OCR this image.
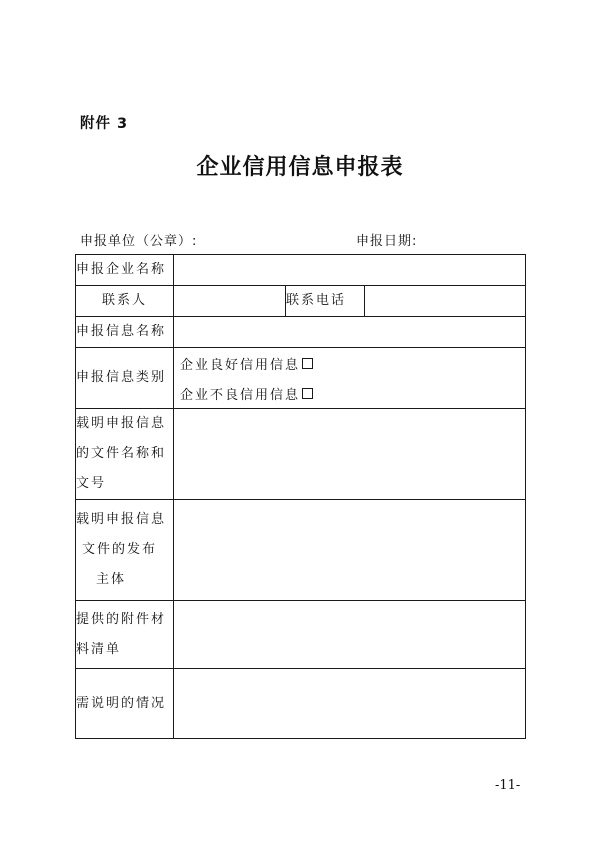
附件 3
企业信用信息申报表
申报单位（公章）:	申报日期:
申报企业名称			
联系人		联系电话	
申报信息名称			
申报信息类别	企业良好信用信息
企业不良信用信息		

载明申报信息
的文件名称和
文号			

载明申报信息
文件的发布
主体			

提供的附件材
料清单			

需说明的情况			
-11-
